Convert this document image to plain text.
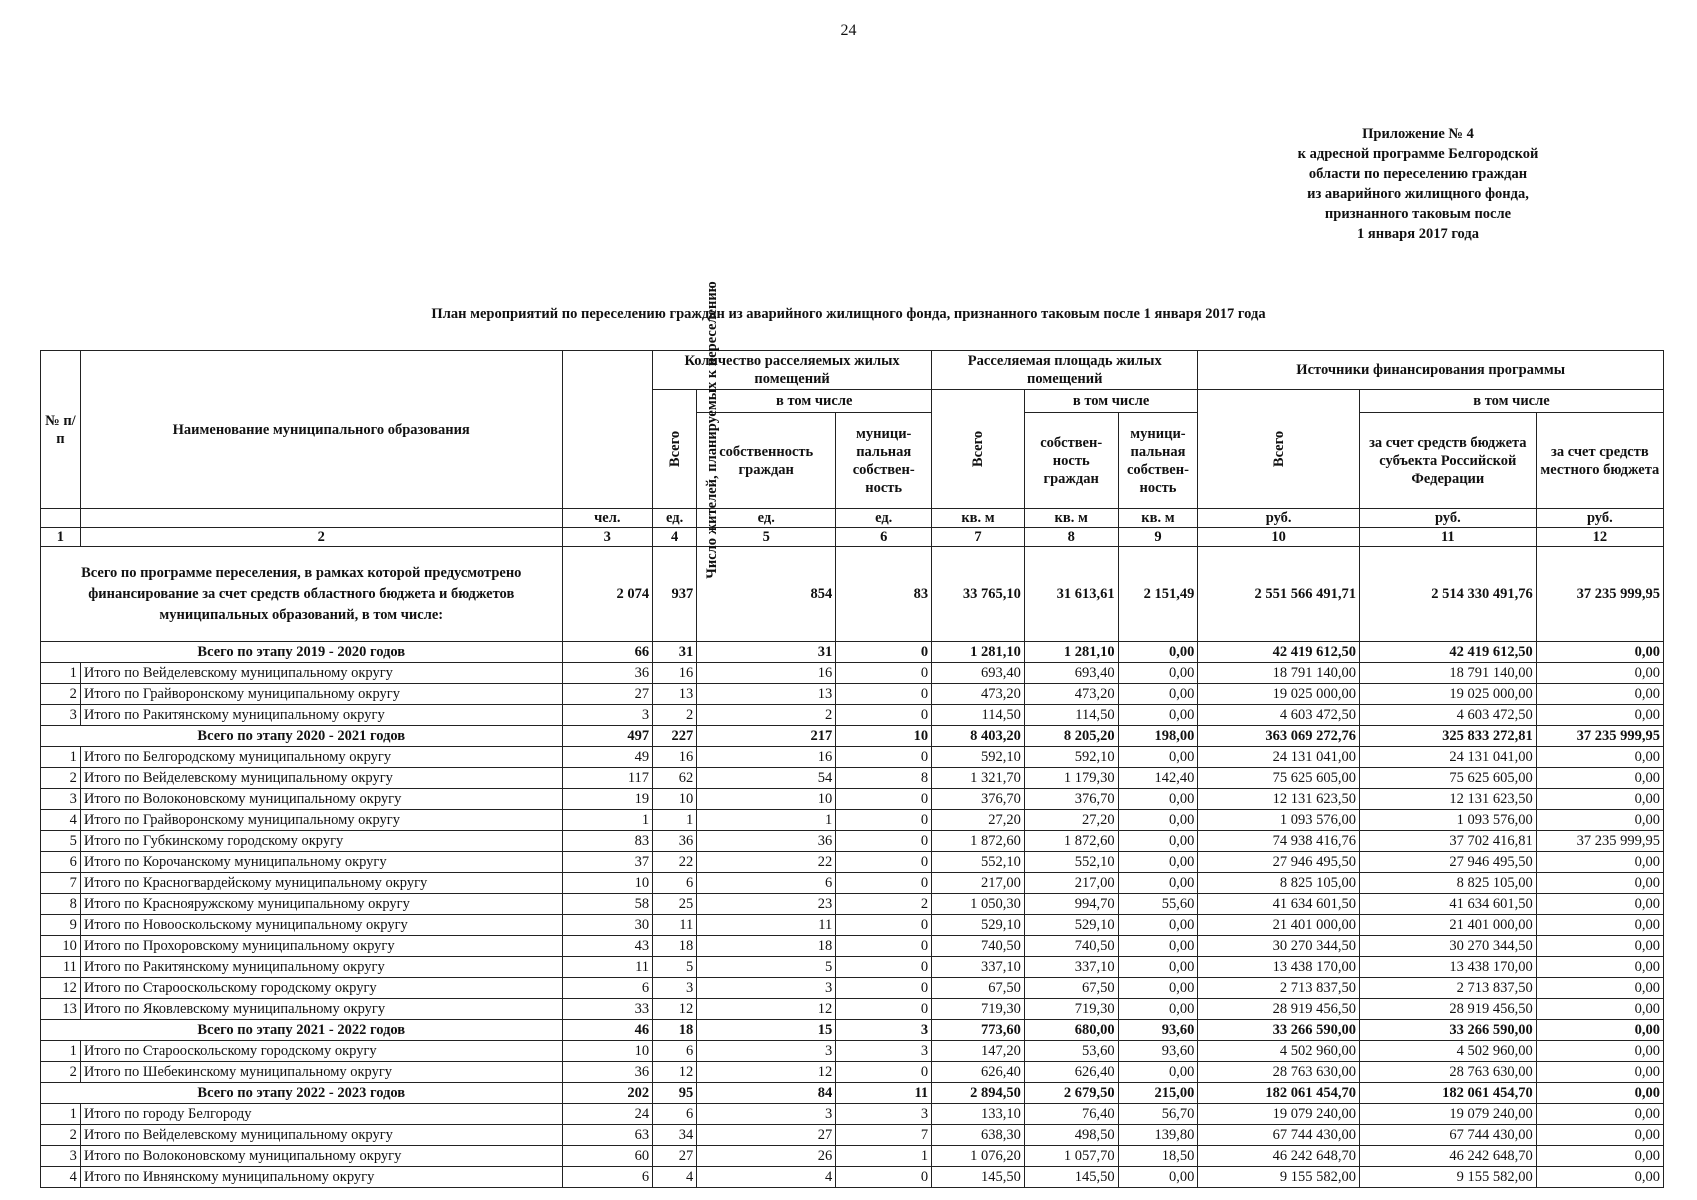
24
Приложение № 4
к адресной программе Белгородской
области по переселению граждан
из аварийного жилищного фонда,
признанного таковым после
1 января 2017 года
План мероприятий по переселению граждан из аварийного жилищного фонда, признанного таковым после 1 января 2017 года
№ п/п	Наименование муниципального образования	Число жителей, планируемых к переселению	Количество расселяемых жилых помещений			Расселяемая площадь жилых помещений			Источники финансирования программы		
			Всего	в том числе		Всего	в том числе		Всего	в том числе	
				собственность граждан	муници-пальная собствен-ность		собствен-ность граждан	муници-пальная собствен-ность		за счет средств бюджета субъекта Российской Федерации	за счет средств местного бюджета
		чел.	ед.	ед.	ед.	кв. м	кв. м	кв. м	руб.	руб.	руб.
1	2	3	4	5	6	7	8	9	10	11	12
Всего по программе переселения, в рамках которой предусмотрено финансирование за счет средств областного бюджета и бюджетов муниципальных образований, в том числе:		2 074	937	854	83	33 765,10	31 613,61	2 151,49	2 551 566 491,71	2 514 330 491,76	37 235 999,95
Всего по этапу 2019 - 2020 годов		66	31	31	0	1 281,10	1 281,10	0,00	42 419 612,50	42 419 612,50	0,00
1	Итого по Вейделевскому муниципальному округу	36	16	16	0	693,40	693,40	0,00	18 791 140,00	18 791 140,00	0,00
2	Итого по Грайворонскому муниципальному округу	27	13	13	0	473,20	473,20	0,00	19 025 000,00	19 025 000,00	0,00
3	Итого по Ракитянскому муниципальному округу	3	2	2	0	114,50	114,50	0,00	4 603 472,50	4 603 472,50	0,00
Всего по этапу 2020 - 2021 годов		497	227	217	10	8 403,20	8 205,20	198,00	363 069 272,76	325 833 272,81	37 235 999,95
1	Итого по Белгородскому муниципальному округу	49	16	16	0	592,10	592,10	0,00	24 131 041,00	24 131 041,00	0,00
2	Итого по Вейделевскому муниципальному округу	117	62	54	8	1 321,70	1 179,30	142,40	75 625 605,00	75 625 605,00	0,00
3	Итого по Волоконовскому муниципальному округу	19	10	10	0	376,70	376,70	0,00	12 131 623,50	12 131 623,50	0,00
4	Итого по Грайворонскому муниципальному округу	1	1	1	0	27,20	27,20	0,00	1 093 576,00	1 093 576,00	0,00
5	Итого по Губкинскому городскому округу	83	36	36	0	1 872,60	1 872,60	0,00	74 938 416,76	37 702 416,81	37 235 999,95
6	Итого по Корочанскому муниципальному округу	37	22	22	0	552,10	552,10	0,00	27 946 495,50	27 946 495,50	0,00
7	Итого по Красногвардейскому муниципальному округу	10	6	6	0	217,00	217,00	0,00	8 825 105,00	8 825 105,00	0,00
8	Итого по Краснояружскому муниципальному округу	58	25	23	2	1 050,30	994,70	55,60	41 634 601,50	41 634 601,50	0,00
9	Итого по Новооскольскому муниципальному округу	30	11	11	0	529,10	529,10	0,00	21 401 000,00	21 401 000,00	0,00
10	Итого по Прохоровскому муниципальному округу	43	18	18	0	740,50	740,50	0,00	30 270 344,50	30 270 344,50	0,00
11	Итого по Ракитянскому муниципальному округу	11	5	5	0	337,10	337,10	0,00	13 438 170,00	13 438 170,00	0,00
12	Итого по Старооскольскому городскому округу	6	3	3	0	67,50	67,50	0,00	2 713 837,50	2 713 837,50	0,00
13	Итого по Яковлевскому муниципальному округу	33	12	12	0	719,30	719,30	0,00	28 919 456,50	28 919 456,50	0,00
Всего по этапу 2021 - 2022 годов		46	18	15	3	773,60	680,00	93,60	33 266 590,00	33 266 590,00	0,00
1	Итого по Старооскольскому городскому округу	10	6	3	3	147,20	53,60	93,60	4 502 960,00	4 502 960,00	0,00
2	Итого по Шебекинскому муниципальному округу	36	12	12	0	626,40	626,40	0,00	28 763 630,00	28 763 630,00	0,00
Всего по этапу 2022 - 2023 годов		202	95	84	11	2 894,50	2 679,50	215,00	182 061 454,70	182 061 454,70	0,00
1	Итого по городу Белгороду	24	6	3	3	133,10	76,40	56,70	19 079 240,00	19 079 240,00	0,00
2	Итого по Вейделевскому муниципальному округу	63	34	27	7	638,30	498,50	139,80	67 744 430,00	67 744 430,00	0,00
3	Итого по Волоконовскому муниципальному округу	60	27	26	1	1 076,20	1 057,70	18,50	46 242 648,70	46 242 648,70	0,00
4	Итого по Ивнянскому муниципальному округу	6	4	4	0	145,50	145,50	0,00	9 155 582,00	9 155 582,00	0,00
